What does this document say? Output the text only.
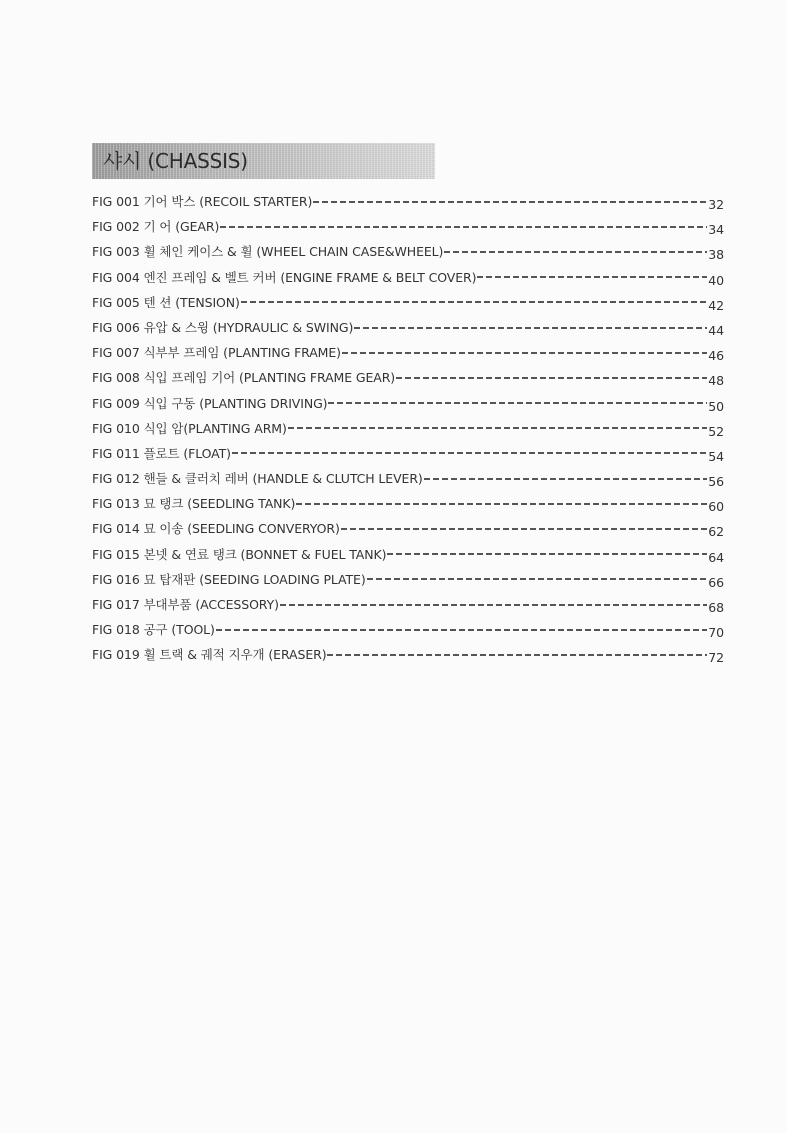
샤시 (CHASSIS)
FIG 001 기어 박스 (RECOIL STARTER)	32
FIG 002 기 어 (GEAR)	34
FIG 003 휠 체인 케이스 & 휠 (WHEEL CHAIN CASE&WHEEL)	38
FIG 004 엔진 프레임 & 벨트 커버 (ENGINE FRAME & BELT COVER)	40
FIG 005 텐 션 (TENSION)	42
FIG 006 유압 & 스윙 (HYDRAULIC & SWING)	44
FIG 007 식부부 프레임 (PLANTING FRAME)	46
FIG 008 식입 프레임 기어 (PLANTING FRAME GEAR)	48
FIG 009 식입 구동 (PLANTING DRIVING)	50
FIG 010 식입 암(PLANTING ARM)	52
FIG 011 플로트 (FLOAT)	54
FIG 012 핸들 & 클러치 레버 (HANDLE & CLUTCH LEVER)	56
FIG 013 묘 탱크 (SEEDLING TANK)	60
FIG 014 묘 이송 (SEEDLING CONVERYOR)	62
FIG 015 본넷 & 연료 탱크 (BONNET & FUEL TANK)	64
FIG 016 묘 탑재판 (SEEDING LOADING PLATE)	66
FIG 017 부대부품 (ACCESSORY)	68
FIG 018 공구 (TOOL)	70
FIG 019 휠 트랙 & 궤적 지우개 (ERASER)	72
